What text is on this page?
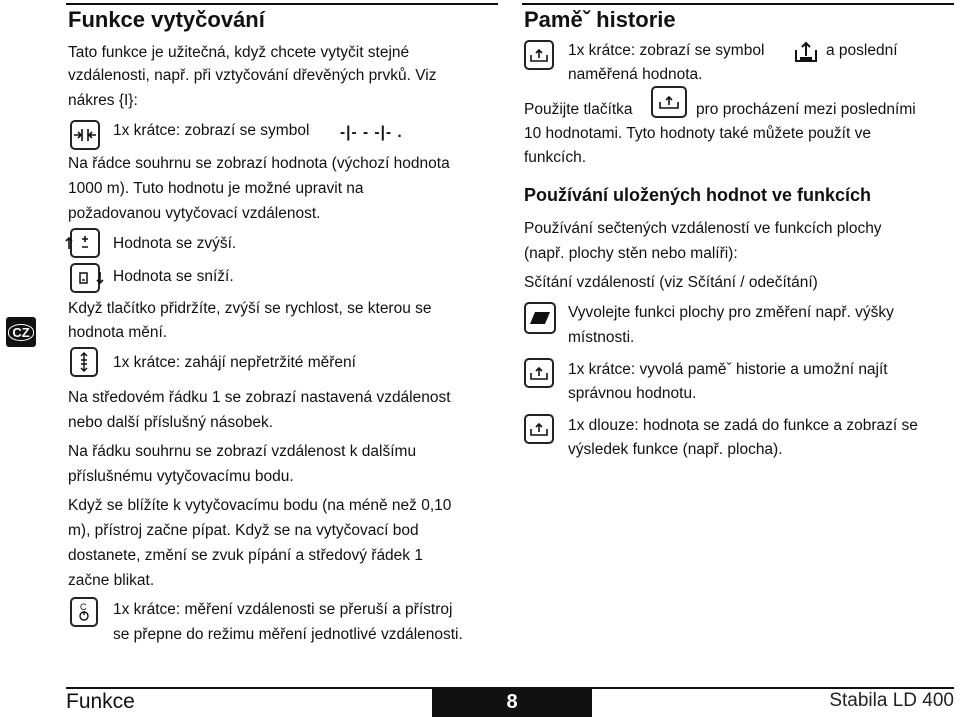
CZ
Funkce vytyčování
Tato funkce je užitečná, když chcete vytyčit stejné
vzdálenosti, např. při vztyčování dřevěných prvků. Viz
nákres {I}:
1x krátce: zobrazí se symbol -|- - -|- .
Na řádce souhrnu se zobrazí hodnota (výchozí hodnota
1000 m). Tuto hodnotu je možné upravit na
požadovanou vytyčovací vzdálenost.
Hodnota se zvýší.
Hodnota se sníží.
Když tlačítko přidržíte, zvýší se rychlost, se kterou se
hodnota mění.
1x krátce: zahájí nepřetržité měření
Na středovém řádku 1 se zobrazí nastavená vzdálenost
nebo další příslušný násobek.
Na řádku souhrnu se zobrazí vzdálenost k dalšímu
příslušnému vytyčovacímu bodu.
Když se blížíte k vytyčovacímu bodu (na méně než 0,10
m), přístroj začne pípat. Když se na vytyčovací bod
dostanete, změní se zvuk pípání a středový řádek 1
začne blikat.
C 1x krátce: měření vzdálenosti se přeruší a přístroj
se přepne do režimu měření jednotlivé vzdálenosti.
Paměˇ historie
1x krátce: zobrazí se symbol	a poslední
naměřená hodnota.
Použijte tlačítka	pro procházení mezi posledními
10 hodnotami. Tyto hodnoty také můžete použít ve
funkcích.
Používání uložených hodnot ve funkcích
Používání sečtených vzdáleností ve funkcích plochy
(např. plochy stěn nebo malíři):
Sčítání vzdáleností (viz Sčítání / odečítání)
Vyvolejte funkci plochy pro změření např. výšky
místnosti.
1x krátce: vyvolá paměˇ historie a umožní najít
správnou hodnotu.
1x dlouze: hodnota se zadá do funkce a zobrazí se
výsledek funkce (např. plocha).
Funkce	8	Stabila LD 400
